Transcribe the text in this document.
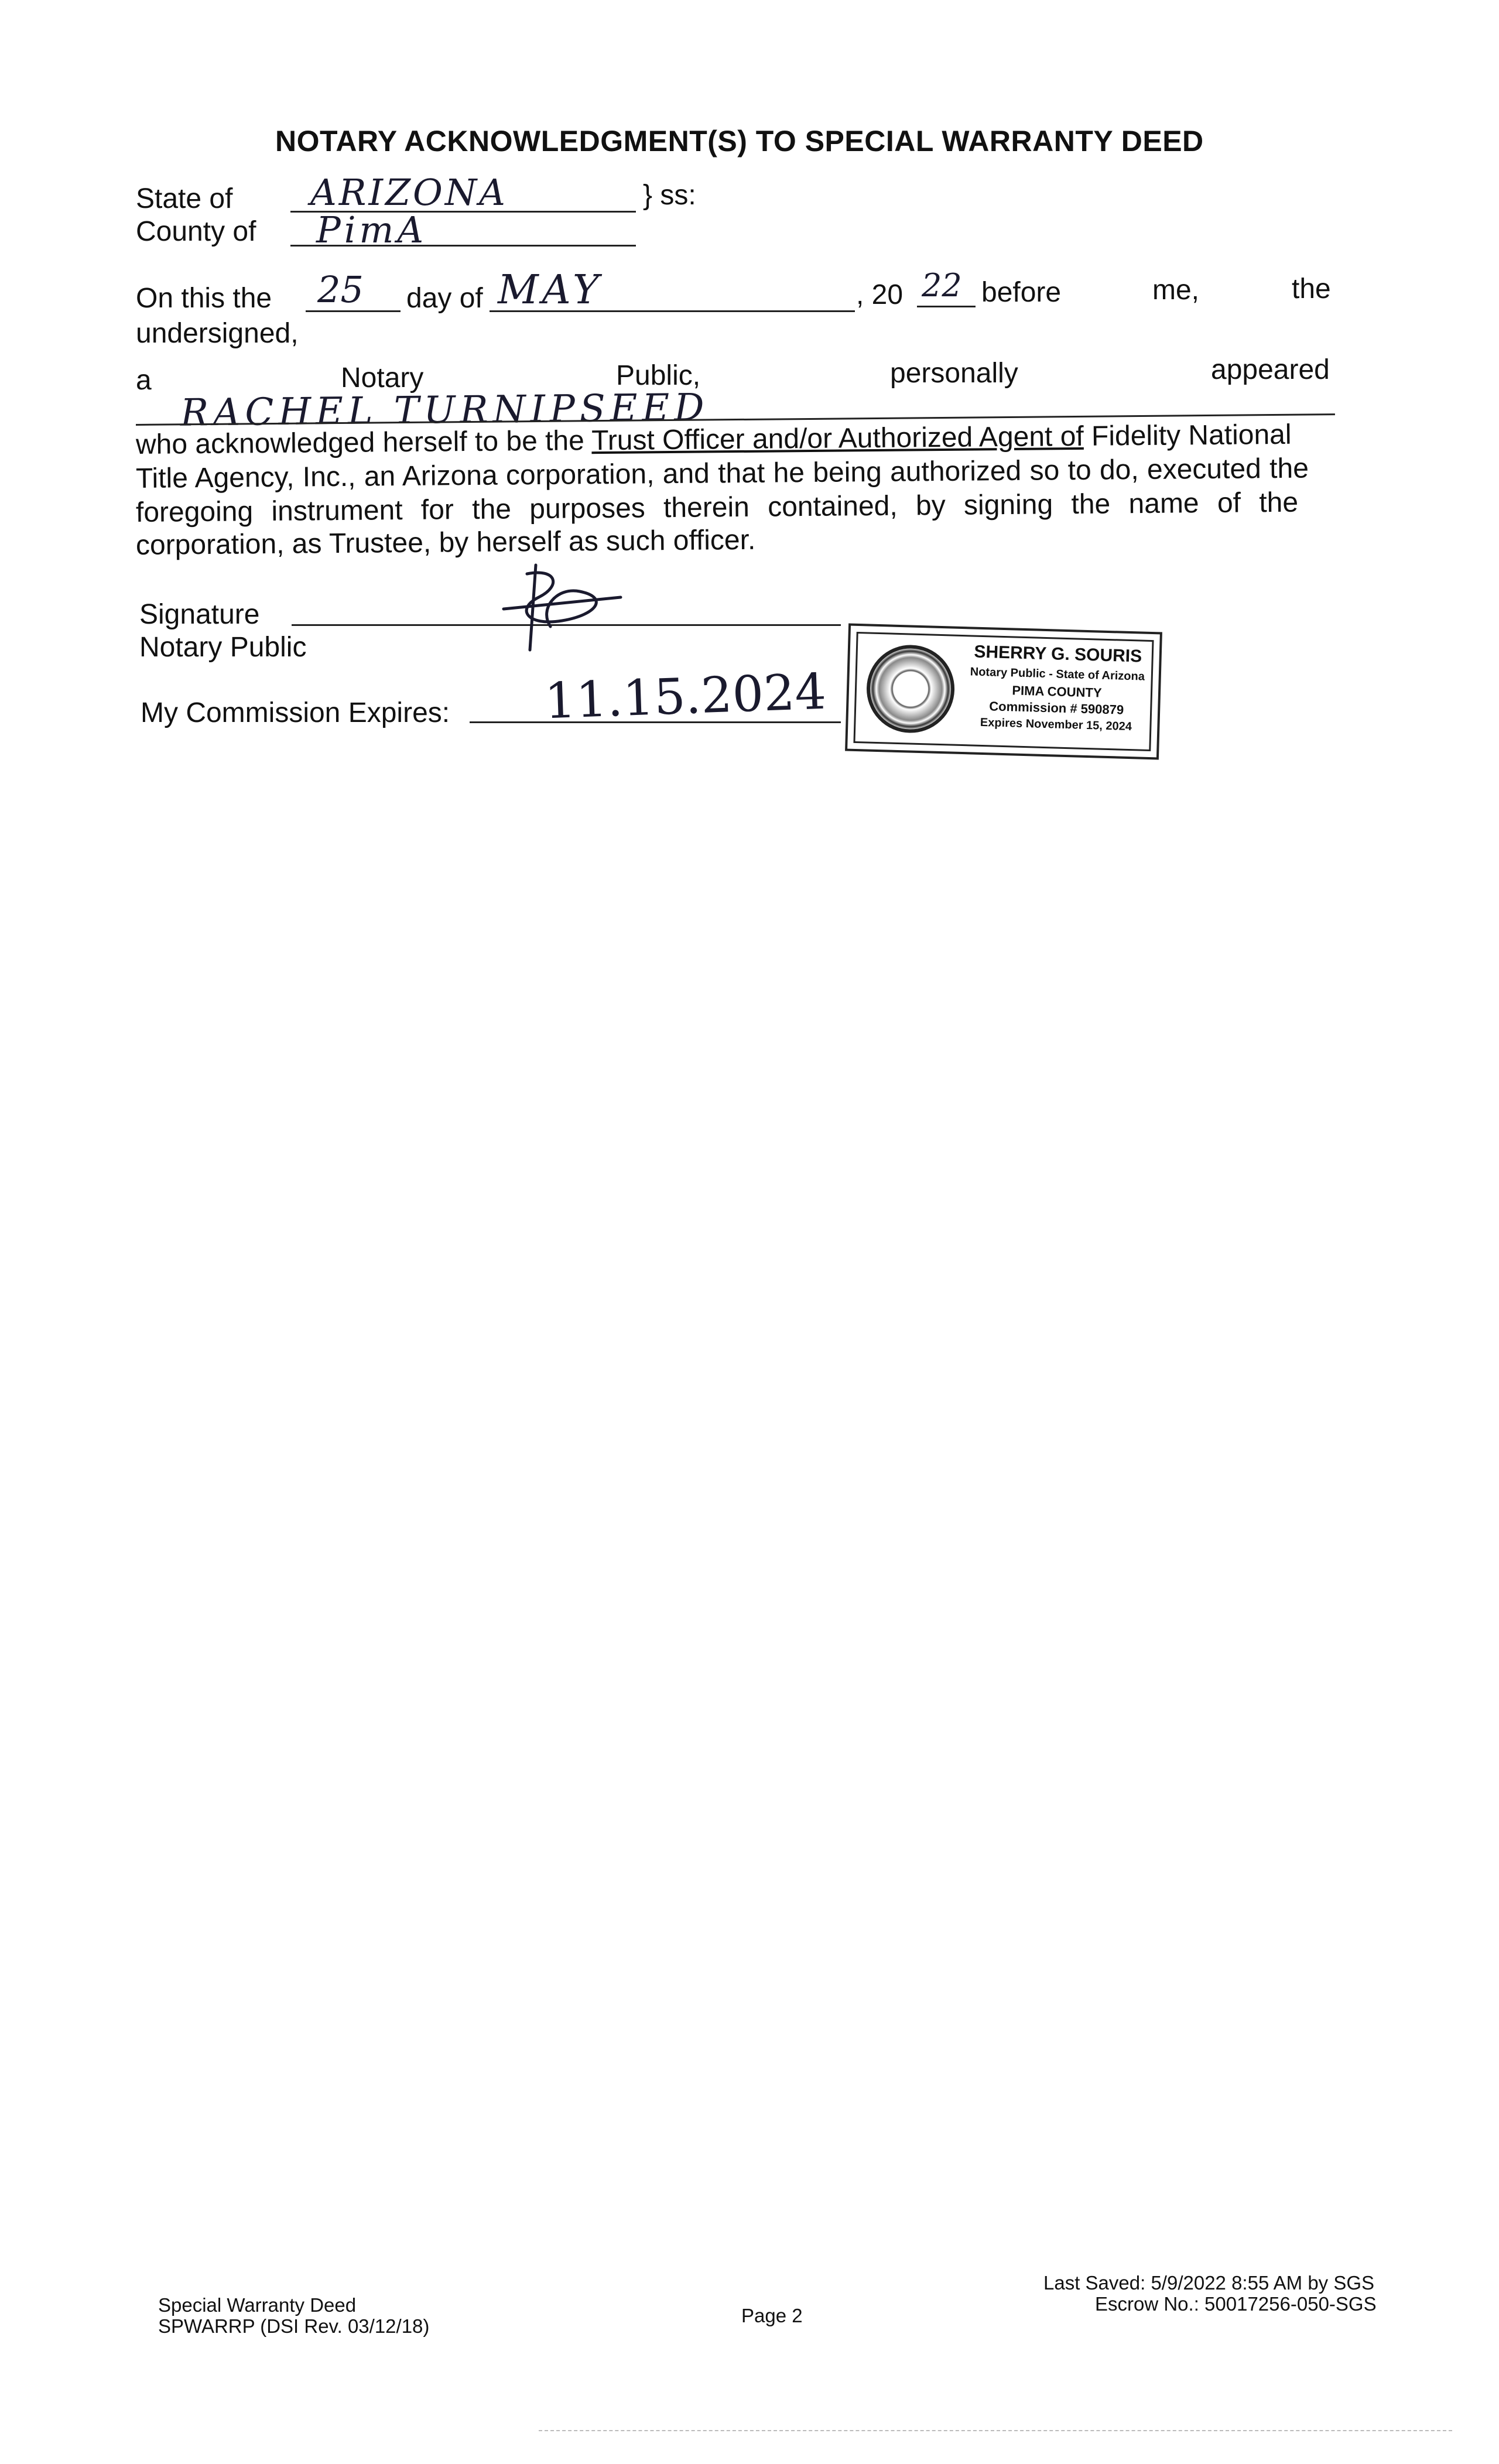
NOTARY ACKNOWLEDGMENT(S) TO SPECIAL WARRANTY DEED
State of ARIZONA	} ss:
County of PimA
On this the 25 day of MAY	, 20 22 before	me,	the
undersigned,
a	Notary	Public,	personally	appeared
RACHEL TURNIPSEED
who acknowledged herself to be the Trust Officer and/or Authorized Agent of Fidelity National
Title Agency, Inc., an Arizona corporation, and that he being authorized so to do, executed the
foregoing instrument for the purposes therein contained, by signing the name of the
corporation, as Trustee, by herself as such officer.
Signature
Notary Public
My Commission Expires: 11.15.2024
SHERRY G. SOURIS
Notary Public - State of Arizona
PIMA COUNTY
Commission # 590879
Expires November 15, 2024
Special Warranty Deed
SPWARRP (DSI Rev. 03/12/18)	Page 2
Last Saved: 5/9/2022 8:55 AM by SGS
Escrow No.: 50017256-050-SGS
